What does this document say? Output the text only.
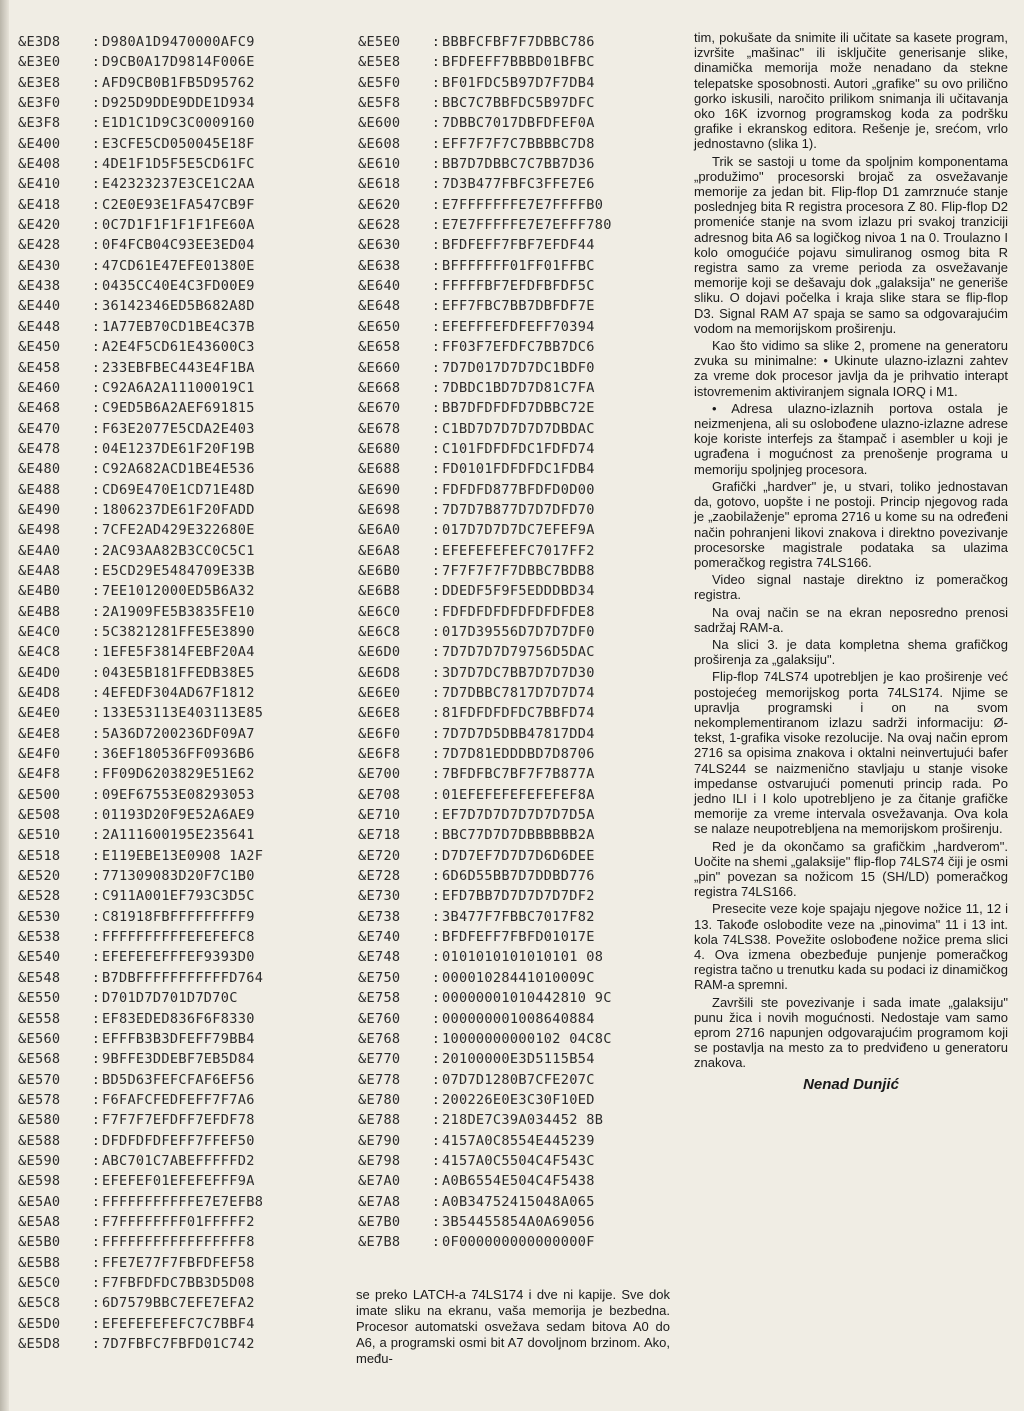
&E3D8	: D980A1D9470000AFC9
&E3E0	: D9CB0A17D9814F006E
&E3E8	: AFD9CB0B1FB5D95762
&E3F0	: D925D9DDE9DDE1D934
&E3F8	: E1D1C1D9C3C0009160
&E400	: E3CFE5CD050045E18F
&E408	: 4DE1F1D5F5E5CD61FC
&E410	: E42323237E3CE1C2AA
&E418	: C2E0E93E1FA547CB9F
&E420	: 0C7D1F1F1F1F1FE60A
&E428	: 0F4FCB04C93EE3ED04
&E430	: 47CD61E47EFE01380E
&E438	: 0435CC40E4C3FD00E9
&E440	: 36142346ED5B682A8D
&E448	: 1A77EB70CD1BE4C37B
&E450	: A2E4F5CD61E43600C3
&E458	: 233EBFBEC443E4F1BA
&E460	: C92A6A2A11100019C1
&E468	: C9ED5B6A2AEF691815
&E470	: F63E2077E5CDA2E403
&E478	: 04E1237DE61F20F19B
&E480	: C92A682ACD1BE4E536
&E488	: CD69E470E1CD71E48D
&E490	: 1806237DE61F20FADD
&E498	: 7CFE2AD429E322680E
&E4A0	: 2AC93AA82B3CC0C5C1
&E4A8	: E5CD29E5484709E33B
&E4B0	: 7EE1012000ED5B6A32
&E4B8	: 2A1909FE5B3835FE10
&E4C0	: 5C3821281FFE5E3890
&E4C8	: 1EFE5F3814FEBF20A4
&E4D0	: 043E5B181FFEDB38E5
&E4D8	: 4EFEDF304AD67F1812
&E4E0	: 133E53113E403113E85
&E4E8	: 5A36D7200236DF09A7
&E4F0	: 36EF180536FF0936B6
&E4F8	: FF09D6203829E51E62
&E500	: 09EF67553E08293053
&E508	: 01193D20F9E52A6AE9
&E510	: 2A111600195E235641
&E518	: E119EBE13E0908 1A2F
&E520	: 771309083D20F7C1B0
&E528	: C911A001EF793C3D5C
&E530	: C81918FBFFFFFFFFF9
&E538	: FFFFFFFFFFEFEFEFC8
&E540	: EFEFEFEFFFEF9393D0
&E548	: B7DBFFFFFFFFFFFD764
&E550	: D701D7D701D7D70C
&E558	: EF83EDED836F6F8330
&E560	: EFFFB3B3DFEFF79BB4
&E568	: 9BFFE3DDEBF7EB5D84
&E570	: BD5D63FEFCFAF6EF56
&E578	: F6FAFCFEDFEFF7F7A6
&E580	: F7F7F7EFDFF7EFDF78
&E588	: DFDFDFDFEFF7FFEF50
&E590	: ABC701C7ABEFFFFFD2
&E598	: EFEFEF01EFEFEFFF9A
&E5A0	: FFFFFFFFFFFE7E7EFB8
&E5A8	: F7FFFFFFFF01FFFFF2
&E5B0	: FFFFFFFFFFFFFFFFF8
&E5B8	: FFE7E77F7FBFDFEF58
&E5C0	: F7FBFDFDC7BB3D5D08
&E5C8	: 6D7579BBC7EFE7EFA2
&E5D0	: EFEFEFEFEFC7C7BBF4
&E5D8	: 7D7FBFC7FBFD01C742
&E5E0	: BBBFCFBF7F7DBBC786
&E5E8	: BFDFEFF7BBBD01BFBC
&E5F0	: BF01FDC5B97D7F7DB4
&E5F8	: BBC7C7BBFDC5B97DFC
&E600	: 7DBBC7017DBFDFEF0A
&E608	: EFF7F7F7C7BBBBC7D8
&E610	: BB7D7DBBC7C7BB7D36
&E618	: 7D3B477FBFC3FFE7E6
&E620	: E7FFFFFFFE7E7FFFFB0
&E628	: E7E7FFFFFE7E7EFFF780
&E630	: BFDFEFF7FBF7EFDF44
&E638	: BFFFFFFF01FF01FFBC
&E640	: FFFFFBF7EFDFBFDF5C
&E648	: EFF7FBC7BB7DBFDF7E
&E650	: EFEFFFEFDFEFF70394
&E658	: FF03F7EFDFC7BB7DC6
&E660	: 7D7D017D7D7DC1BDF0
&E668	: 7DBDC1BD7D7D81C7FA
&E670	: BB7DFDFDFD7DBBC72E
&E678	: C1BD7D7D7D7D7DBDAC
&E680	: C101FDFDFDC1FDFD74
&E688	: FD0101FDFDFDC1FDB4
&E690	: FDFDFD877BFDFD0D00
&E698	: 7D7D7B877D7D7DFD70
&E6A0	: 017D7D7D7DC7EFEF9A
&E6A8	: EFEFEFEFEFC7017FF2
&E6B0	: 7F7F7F7F7DBBC7BDB8
&E6B8	: DDEDF5F9F5EDDDBD34
&E6C0	: FDFDFDFDFDFDFDFDE8
&E6C8	: 017D39556D7D7D7DF0
&E6D0	: 7D7D7D7D79756D5DAC
&E6D8	: 3D7D7DC7BB7D7D7D30
&E6E0	: 7D7DBBC7817D7D7D74
&E6E8	: 81FDFDFDFDC7BBFD74
&E6F0	: 7D7D7D5DBB47817DD4
&E6F8	: 7D7D81EDDDBD7D8706
&E700	: 7BFDFBC7BF7F7B877A
&E708	: 01EFEFEFEFEFEFEF8A
&E710	: EF7D7D7D7D7D7D7D5A
&E718	: BBC77D7D7DBBBBBB2A
&E720	: D7D7EF7D7D7D6D6DEE
&E728	: 6D6D55BB7D7DDBD776
&E730	: EFD7BB7D7D7D7D7DF2
&E738	: 3B477F7FBBC7017F82
&E740	: BFDFEFF7FBFD01017E
&E748	: 0101010101010101 08
&E750	: 00001028441010009C
&E758	: 00000001010442810 9C
&E760	: 000000001008640884
&E768	: 10000000000102 04C8C
&E770	: 20100000E3D5115B54
&E778	: 07D7D1280B7CFE207C
&E780	: 200226E0E3C30F10ED
&E788	: 218DE7C39A034452 8B
&E790	: 4157A0C8554E445239
&E798	: 4157A0C5504C4F543C
&E7A0	: A0B6554E504C4F5438
&E7A8	: A0B34752415048A065
&E7B0	: 3B54455854A0A69056
&E7B8	: 0F000000000000000F
se preko LATCH-a 74LS174 i dve ni kapije. Sve dok imate sliku na ekranu, vaša memorija je bezbedna. Procesor automatski osvežava sedam bitova A0 do A6, a programski osmi bit A7 dovoljnom brzinom. Ako, među-

tim, pokušate da snimite ili učitate sa kasete program, izvršite „mašinac" ili isključite generisanje slike, dinamička memorija može nenadano da stekne telepatske sposobnosti. Autori „grafike" su ovo prilično gorko iskusili, naročito prilikom snimanja ili učitavanja oko 16K izvornog programskog koda za podršku grafike i ekranskog editora. Rešenje je, srećom, vrlo jednostavno (slika 1).

Trik se sastoji u tome da spoljnim komponentama „produžimo" procesorski brojač za osvežavanje memorije za jedan bit. Flip-flop D1 zamrznuće stanje poslednjeg bita R registra procesora Z 80. Flip-flop D2 promeniće stanje na svom izlazu pri svakoj tranziciji adresnog bita A6 sa logičkog nivoa 1 na 0. Troulazno I kolo omogućiće pojavu simuliranog osmog bita R registra samo za vreme perioda za osvežavanje memorije koji se dešavaju dok „galaksija" ne generiše sliku. O dojavi počelka i kraja slike stara se flip-flop D3. Signal RAM A7 spaja se samo sa odgovarajućim vodom na memorijskom proširenju.

Kao što vidimo sa slike 2, promene na generatoru zvuka su minimalne: • Ukinute ulazno-izlazni zahtev za vreme dok procesor javlja da je prihvatio interapt istovremenim aktiviranjem signala IORQ i M1.

• Adresa ulazno-izlaznih portova ostala je neizmenjena, ali su oslobođene ulazno-izlazne adrese koje koriste interfejs za štampač i asembler u koji je ugrađena i mogućnost za prenošenje programa u memoriju spoljnjeg procesora.

Grafički „hardver" je, u stvari, toliko jednostavan da, gotovo, uopšte i ne postoji. Princip njegovog rada je „zaobilaženje" eproma 2716 u kome su na određeni način pohranjeni likovi znakova i direktno povezivanje procesorske magistrale podataka sa ulazima pomeračkog registra 74LS166.

Video signal nastaje direktno iz pomeračkog registra.

Na ovaj način se na ekran neposredno prenosi sadržaj RAM-a.

Na slici 3. je data kompletna shema grafičkog proširenja za „galaksiju".

Flip-flop 74LS74 upotrebljen je kao proširenje već postojećeg memorijskog porta 74LS174. Njime se upravlja programski i on na svom nekomplementiranom izlazu sadrži informaciju: Ø-tekst, 1-grafika visoke rezolucije. Na ovaj način eprom 2716 sa opisima znakova i oktalni neinvertujući bafer 74LS244 se naizmenično stavljaju u stanje visoke impedanse ostvarujući pomenuti princip rada. Po jedno ILI i I kolo upotrebljeno je za čitanje grafičke memorije za vreme intervala osvežavanja. Ova kola se nalaze neupotrebljena na memorijskom proširenju.

Red je da okončamo sa grafičkim „hardverom". Uočite na shemi „galaksije" flip-flop 74LS74 čiji je osmi „pin" povezan sa nožicom 15 (SH/LD) pomeračkog registra 74LS166.

Presecite veze koje spajaju njegove nožice 11, 12 i 13. Takođe oslobodite veze na „pinovima" 11 i 13 int. kola 74LS38. Povežite oslobođene nožice prema slici 4. Ova izmena obezbeđuje punjenje pomeračkog registra tačno u trenutku kada su podaci iz dinamičkog RAM-a spremni.

Završili ste povezivanje i sada imate „galaksiju" punu žica i novih mogućnosti. Nedostaje vam samo eprom 2716 napunjen odgovarajućim programom koji se postavlja na mesto za to predviđeno u generatoru znakova.

Nenad Dunjić
